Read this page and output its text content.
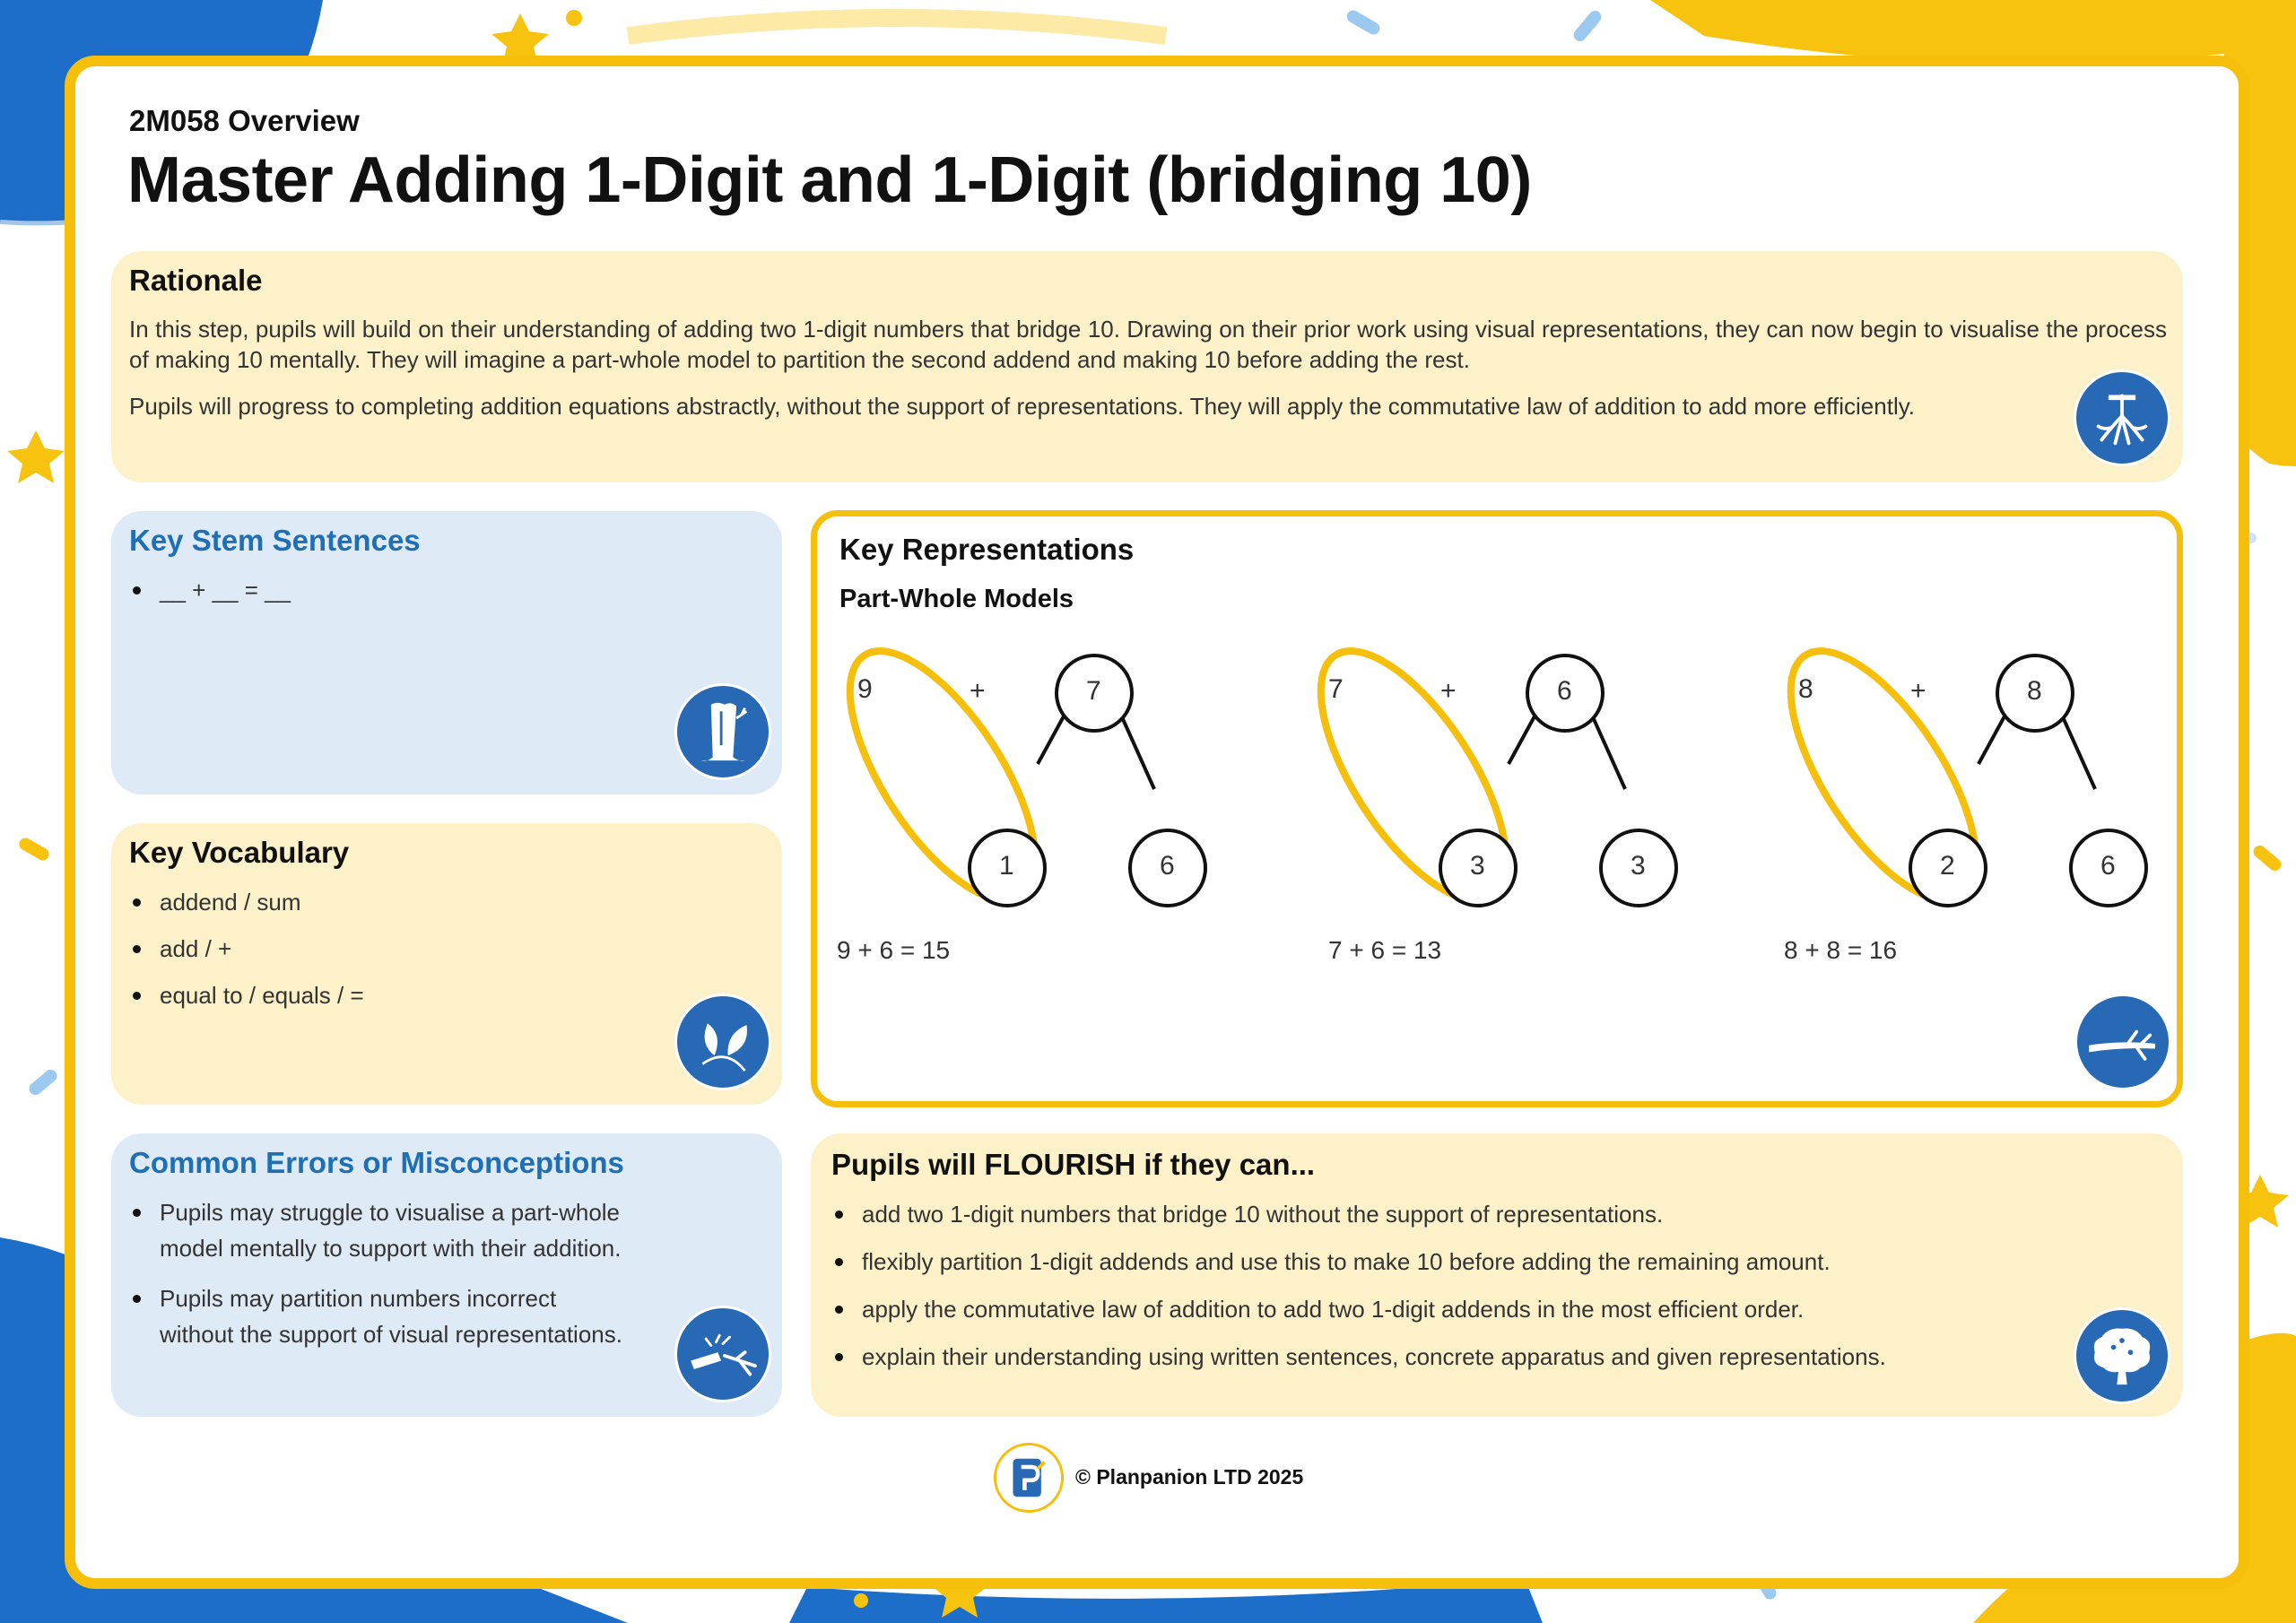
2M058 Overview
Master Adding 1-Digit and 1-Digit (bridging 10)
Rationale
In this step, pupils will build on their understanding of adding two 1-digit numbers that bridge 10. Drawing on their prior work using visual representations, they can now begin to visualise the process of making 10 mentally. They will imagine a part-whole model to partition the second addend and making 10 before adding the rest.
Pupils will progress to completing addition equations abstractly, without the support of representations. They will apply the commutative law of addition to add more efficiently.
Key Stem Sentences
__ + __ = __
Key Vocabulary
addend / sum
add / +
equal to / equals / =
Common Errors or Misconceptions
Pupils may struggle to visualise a part-whole model mentally to support with their addition.
Pupils may partition numbers incorrect without the support of visual representations.
Key Representations
Part-Whole Models
9	+	7
1	6
9 + 6 = 15
7	+	6
3	3
7 + 6 = 13
8	+	8
2	6
8 + 8 = 16
Pupils will FLOURISH if they can...
add two 1-digit numbers that bridge 10 without the support of representations.
flexibly partition 1-digit addends and use this to make 10 before adding the remaining amount.
apply the commutative law of addition to add two 1-digit addends in the most efficient order.
explain their understanding using written sentences, concrete apparatus and given representations.
© Planpanion LTD 2025
